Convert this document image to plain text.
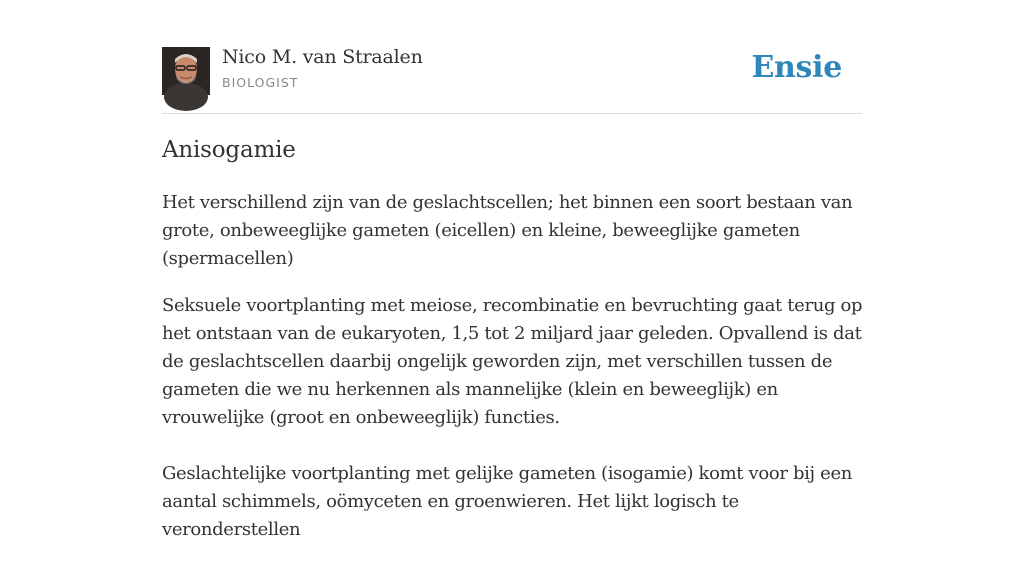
Nico M. van Straalen
BIOLOGIST	Ensie
Anisogamie

Het verschillend zijn van de geslachtscellen; het binnen een soort bestaan van grote, onbeweeglijke gameten (eicellen) en kleine, beweeglijke gameten (spermacellen)

Seksuele voortplanting met meiose, recombinatie en bevruchting gaat terug op het ontstaan van de eukaryoten, 1,5 tot 2 miljard jaar geleden. Opvallend is dat de geslachtscellen daarbij ongelijk geworden zijn, met verschillen tussen de gameten die we nu herkennen als mannelijke (klein en beweeglijk) en vrouwelijke (groot en onbeweeglijk) functies.

Geslachtelijke voortplanting met gelijke gameten (isogamie) komt voor bij een aantal schimmels, oömyceten en groenwieren. Het lijkt logisch te veronderstellen
